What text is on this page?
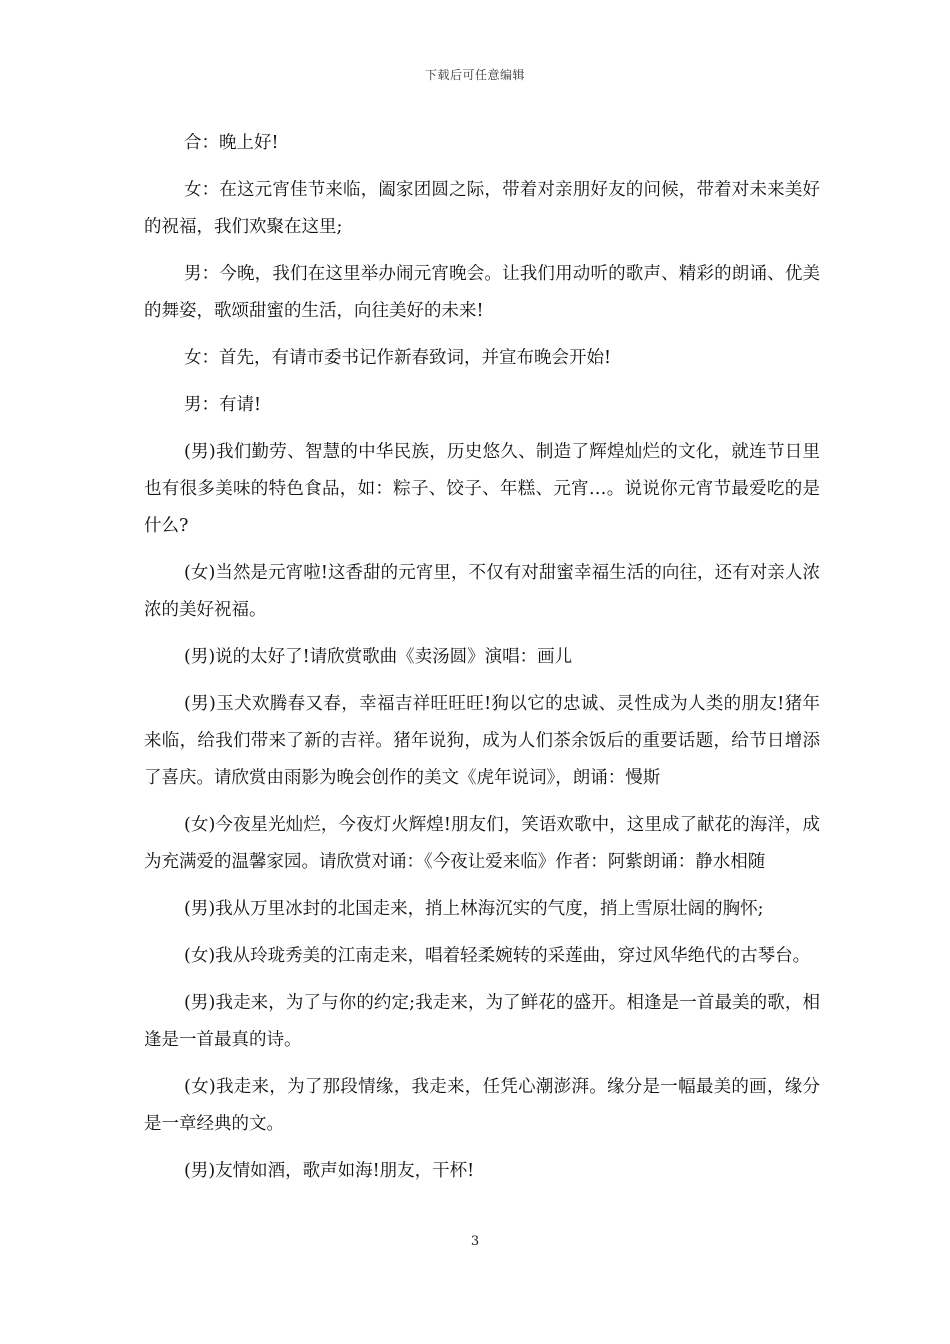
下载后可任意编辑

合：晚上好!

女：在这元宵佳节来临，阖家团圆之际，带着对亲朋好友的问候，带着对未来美好的祝福，我们欢聚在这里;

男：今晚，我们在这里举办闹元宵晚会。让我们用动听的歌声、精彩的朗诵、优美的舞姿，歌颂甜蜜的生活，向往美好的未来!

女：首先，有请市委书记作新春致词，并宣布晚会开始!

男：有请!

(男)我们勤劳、智慧的中华民族，历史悠久、制造了辉煌灿烂的文化，就连节日里也有很多美味的特色食品，如：粽子、饺子、年糕、元宵…。说说你元宵节最爱吃的是什么?

(女)当然是元宵啦!这香甜的元宵里，不仅有对甜蜜幸福生活的向往，还有对亲人浓浓的美好祝福。

(男)说的太好了!请欣赏歌曲《卖汤圆》演唱：画儿

(男)玉犬欢腾春又春，幸福吉祥旺旺旺!狗以它的忠诚、灵性成为人类的朋友!猪年来临，给我们带来了新的吉祥。猪年说狗，成为人们茶余饭后的重要话题，给节日增添了喜庆。请欣赏由雨影为晚会创作的美文《虎年说词》，朗诵：慢斯

(女)今夜星光灿烂，今夜灯火辉煌!朋友们，笑语欢歌中，这里成了献花的海洋，成为充满爱的温馨家园。请欣赏对诵：《今夜让爱来临》作者：阿紫朗诵：静水相随

(男)我从万里冰封的北国走来，捎上林海沉实的气度，捎上雪原壮阔的胸怀;

(女)我从玲珑秀美的江南走来，唱着轻柔婉转的采莲曲，穿过风华绝代的古琴台。

(男)我走来，为了与你的约定;我走来，为了鲜花的盛开。相逢是一首最美的歌，相逢是一首最真的诗。

(女)我走来，为了那段情缘，我走来，任凭心潮澎湃。缘分是一幅最美的画，缘分是一章经典的文。

(男)友情如酒，歌声如海!朋友，干杯!

3
